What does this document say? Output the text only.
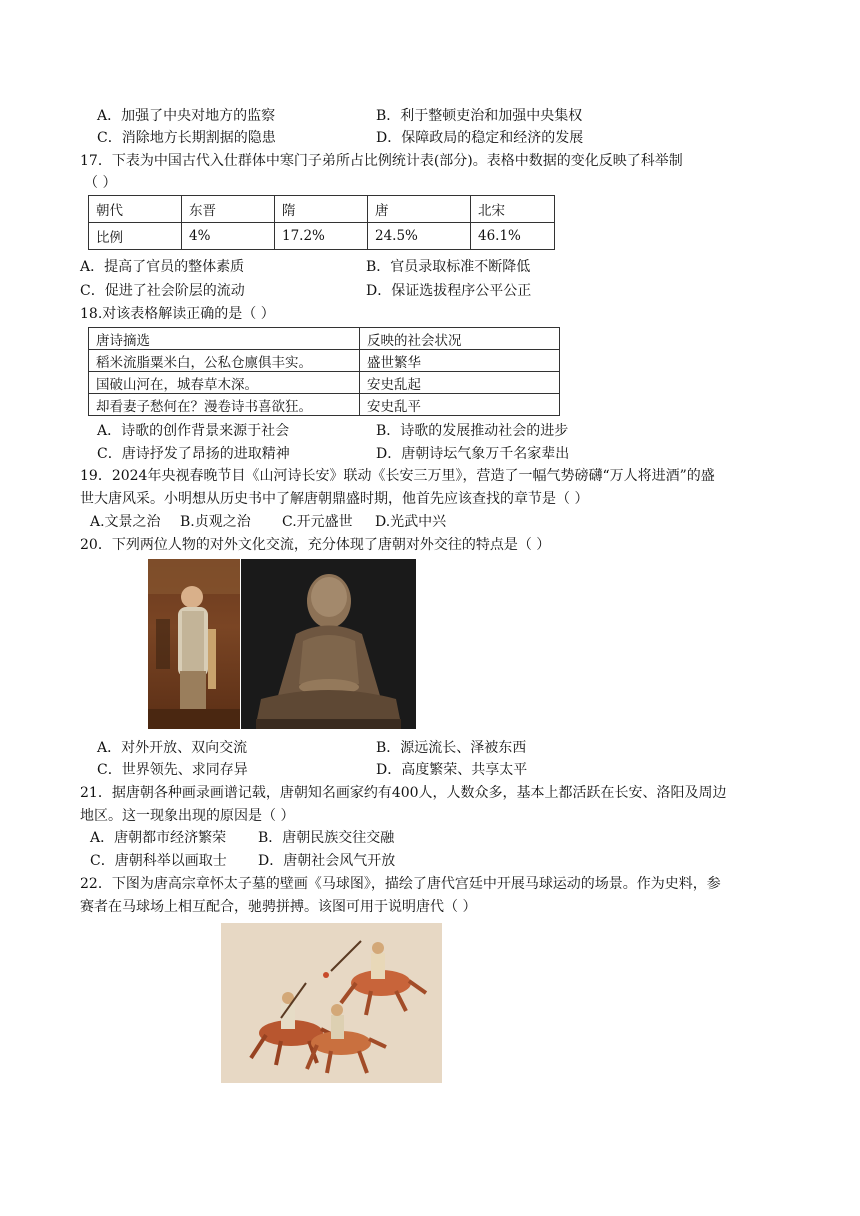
A．加强了中央对地方的监察	B．利于整顿吏治和加强中央集权
C．消除地方长期割据的隐患	D．保障政局的稳定和经济的发展
17．下表为中国古代入仕群体中寒门子弟所占比例统计表(部分)。表格中数据的变化反映了科举制
（ ）
朝代	东晋	隋	唐	北宋
比例	4%	17.2%	24.5%	46.1%
A．提高了官员的整体素质	B．官员录取标准不断降低
C．促进了社会阶层的流动	D．保证选拔程序公平公正
18.对该表格解读正确的是（ ）
唐诗摘选	反映的社会状况
稻米流脂粟米白，公私仓廪俱丰实。	盛世繁华
国破山河在，城春草木深。	安史乱起
却看妻子愁何在？漫卷诗书喜欲狂。	安史乱平
A．诗歌的创作背景来源于社会	B．诗歌的发展推动社会的进步
C．唐诗抒发了昂扬的进取精神	D．唐朝诗坛气象万千名家辈出
19．2024年央视春晚节目《山河诗长安》联动《长安三万里》，营造了一幅气势磅礴“万人将进酒”的盛
世大唐风采。小明想从历史书中了解唐朝鼎盛时期，他首先应该查找的章节是（ ）
A.文景之治 B.贞观之治 C.开元盛世 D.光武中兴
20．下列两位人物的对外文化交流，充分体现了唐朝对外交往的特点是（ ）
A．对外开放、双向交流	B．源远流长、泽被东西
C．世界领先、求同存异	D．高度繁荣、共享太平
21．据唐朝各种画录画谱记载，唐朝知名画家约有400人，人数众多，基本上都活跃在长安、洛阳及周边
地区。这一现象出现的原因是（ ）
A．唐朝都市经济繁荣 B．唐朝民族交往交融
C．唐朝科举以画取士 D．唐朝社会风气开放
22．下图为唐高宗章怀太子墓的壁画《马球图》，描绘了唐代宫廷中开展马球运动的场景。作为史料，参
赛者在马球场上相互配合，驰骋拼搏。该图可用于说明唐代（ ）
